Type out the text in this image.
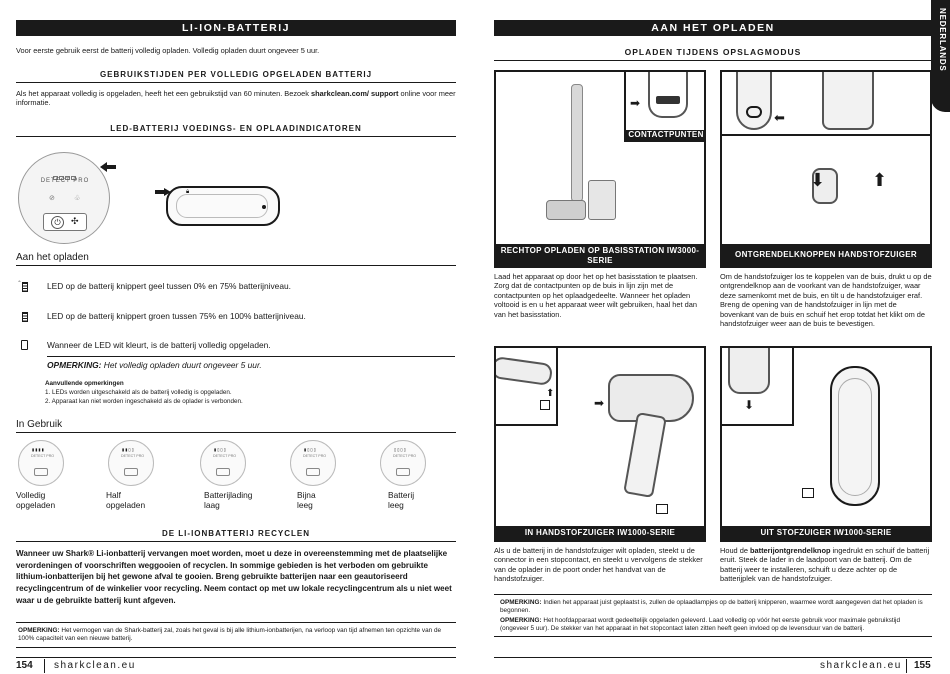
LI-ION-BATTERIJ
Voor eerste gebruik eerst de batterij volledig opladen. Volledig opladen duurt ongeveer 5 uur.
GEBRUIKSTIJDEN PER VOLLEDIG OPGELADEN BATTERIJ
Als het apparaat volledig is opgeladen, heeft het een gebruikstijd van 60 minuten. Bezoek sharkclean.com/ support online voor meer informatie.
LED-BATTERIJ VOEDINGS- EN OPLAADINDICATOREN
DETECT PRO
⊘	♧
⏻	✣
🔒︎
Aan het opladen
⸞	LED op de batterij knippert geel tussen 0% en 75% batterijniveau.
LED op de batterij knippert groen tussen 75% en 100% batterijniveau.
Wanneer de LED wit kleurt, is de batterij volledig opgeladen.
OPMERKING: Het volledig opladen duurt ongeveer 5 uur.
Aanvullende opmerkingen
1. LEDs worden uitgeschakeld als de batterij volledig is opgeladen.
2. Apparaat kan niet worden ingeschakeld als de oplader is verbonden.
In Gebruik
▮▮▮▮
DETECT PRO
Volledig
opgeladen
▮▮▯▯
DETECT PRO
Half
opgeladen
▮▯▯▯
DETECT PRO
Batterijlading
laag
▮▯▯▯
DETECT PRO
Bijna
leeg
▯▯▯▯
DETECT PRO
Batterij
leeg
DE LI-IONBATTERIJ RECYCLEN
Wanneer uw Shark® Li-ionbatterij vervangen moet worden, moet u deze in overeenstemming met de plaatselijke verordeningen of voorschriften weggooien of recyclen. In sommige gebieden is het verboden om gebruikte lithium-ionbatterijen bij het gewone afval te gooien. Breng gebruikte batterijen naar een geautoriseerd recyclingcentrum of de winkelier voor recycling. Neem contact op met uw lokale recyclingcentrum als u niet weet waar u de gebruikte batterij kunt afgeven.
OPMERKING: Het vermogen van de Shark-batterij zal, zoals het geval is bij alle lithium-ionbatterijen, na verloop van tijd afnemen ten opzichte van de 100% capaciteit van een nieuwe batterij.
154 sharkclean.eu
AAN HET OPLADEN	NEDERLANDS
OPLADEN TIJDENS OPSLAGMODUS
➡
CONTACTPUNTEN
RECHTOP OPLADEN OP BASISSTATION IW3000-SERIE
Laad het apparaat op door het op het basisstation te plaatsen. Zorg dat de contactpunten op de buis in lijn zijn met de contactpunten op het oplaadgedeelte. Wanneer het opladen voltooid is en u het apparaat weer wilt gebruiken, haal het dan van het basisstation.
⬅
⬇	⬆
ONTGRENDELKNOPPEN HANDSTOFZUIGER
Om de handstofzuiger los te koppelen van de buis, drukt u op de ontgrendelknop aan de voorkant van de handstofzuiger, waar deze samenkomt met de buis, en tilt u de handstofzuiger eraf. Breng de opening van de handstofzuiger in lijn met de bovenkant van de buis en schuif het erop totdat het klikt om de handstofzuiger weer aan de buis te bevestigen.
⬆
➡
IN HANDSTOFZUIGER IW1000-SERIE
Als u de batterij in de handstofzuiger wilt opladen, steekt u de connector in een stopcontact, en steekt u vervolgens de stekker van de oplader in de poort onder het handvat van de handstofzuiger.
⬇
UIT STOFZUIGER IW1000-SERIE
Houd de batterijontgrendelknop ingedrukt en schuif de batterij eruit. Steek de lader in de laadpoort van de batterij. Om de batterij weer te installeren, schuift u deze achter op de batterijplek van de handstofzuiger.
OPMERKING: Indien het apparaat juist geplaatst is, zullen de oplaadlampjes op de batterij knipperen, waarmee wordt aangegeven dat het opladen is begonnen.
OPMERKING: Het hoofdapparaat wordt gedeeltelijk opgeladen geleverd. Laad volledig op vóór het eerste gebruik voor maximale gebruikstijd (ongeveer 5 uur). De stekker van het apparaat in het stopcontact laten zitten heeft geen invloed op de levensduur van de batterij.
sharkclean.eu 155
